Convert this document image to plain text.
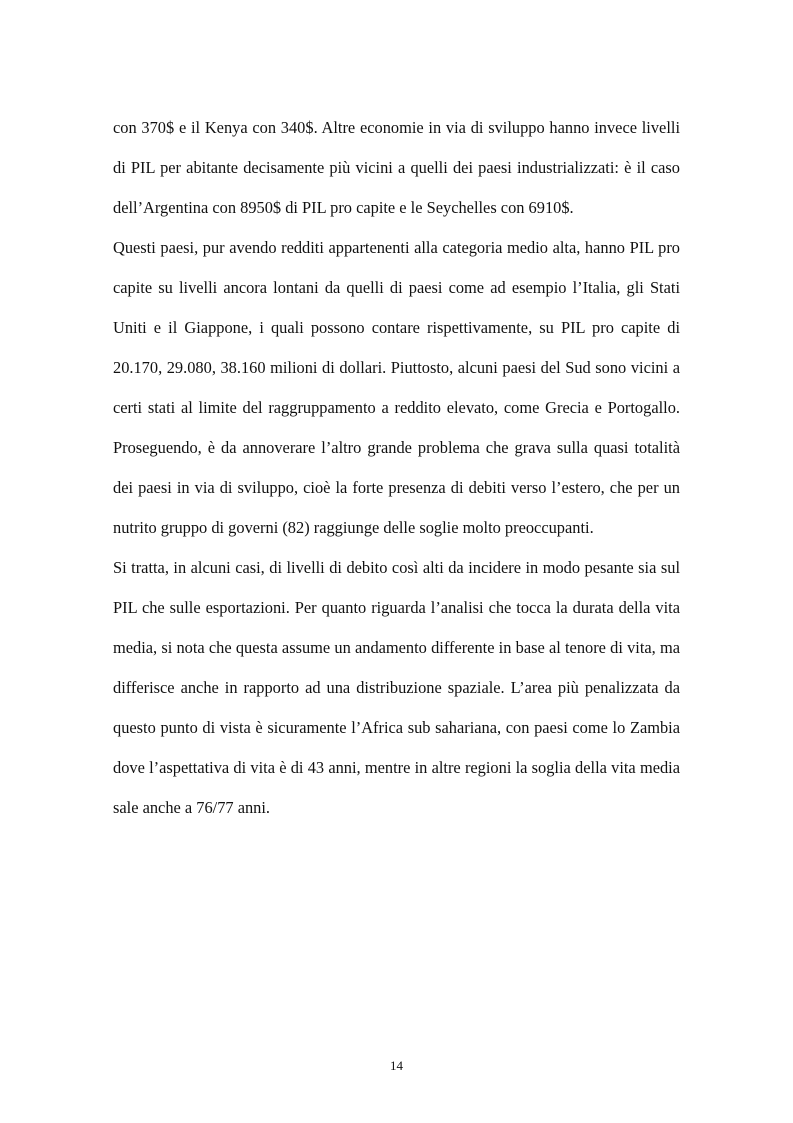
con 370$ e il Kenya con 340$. Altre economie in via di sviluppo hanno invece livelli di PIL per abitante decisamente più vicini a quelli dei paesi industrializzati: è il caso dell’Argentina con 8950$ di PIL pro capite e le Seychelles con 6910$.

Questi paesi, pur avendo redditi appartenenti alla categoria medio alta, hanno PIL pro capite su livelli ancora lontani da quelli di paesi come ad esempio l’Italia, gli Stati Uniti e il Giappone, i quali possono contare rispettivamente, su PIL pro capite di 20.170, 29.080, 38.160 milioni di dollari. Piuttosto, alcuni paesi del Sud sono vicini a certi stati al limite del raggruppamento a reddito elevato, come Grecia e Portogallo. Proseguendo, è da annoverare l’altro grande problema che grava sulla quasi totalità dei paesi in via di sviluppo, cioè la forte presenza di debiti verso l’estero, che per un nutrito gruppo di governi (82) raggiunge delle soglie molto preoccupanti.

Si tratta, in alcuni casi, di livelli di debito così alti da incidere in modo pesante sia sul PIL che sulle esportazioni. Per quanto riguarda l’analisi che tocca la durata della vita media, si nota che questa assume un andamento differente in base al tenore di vita, ma differisce anche in rapporto ad una distribuzione spaziale. L’area più penalizzata da questo punto di vista è sicuramente l’Africa sub sahariana, con paesi come lo Zambia dove l’aspettativa di vita è di 43 anni, mentre in altre regioni la soglia della vita media sale anche a 76/77 anni.

14
